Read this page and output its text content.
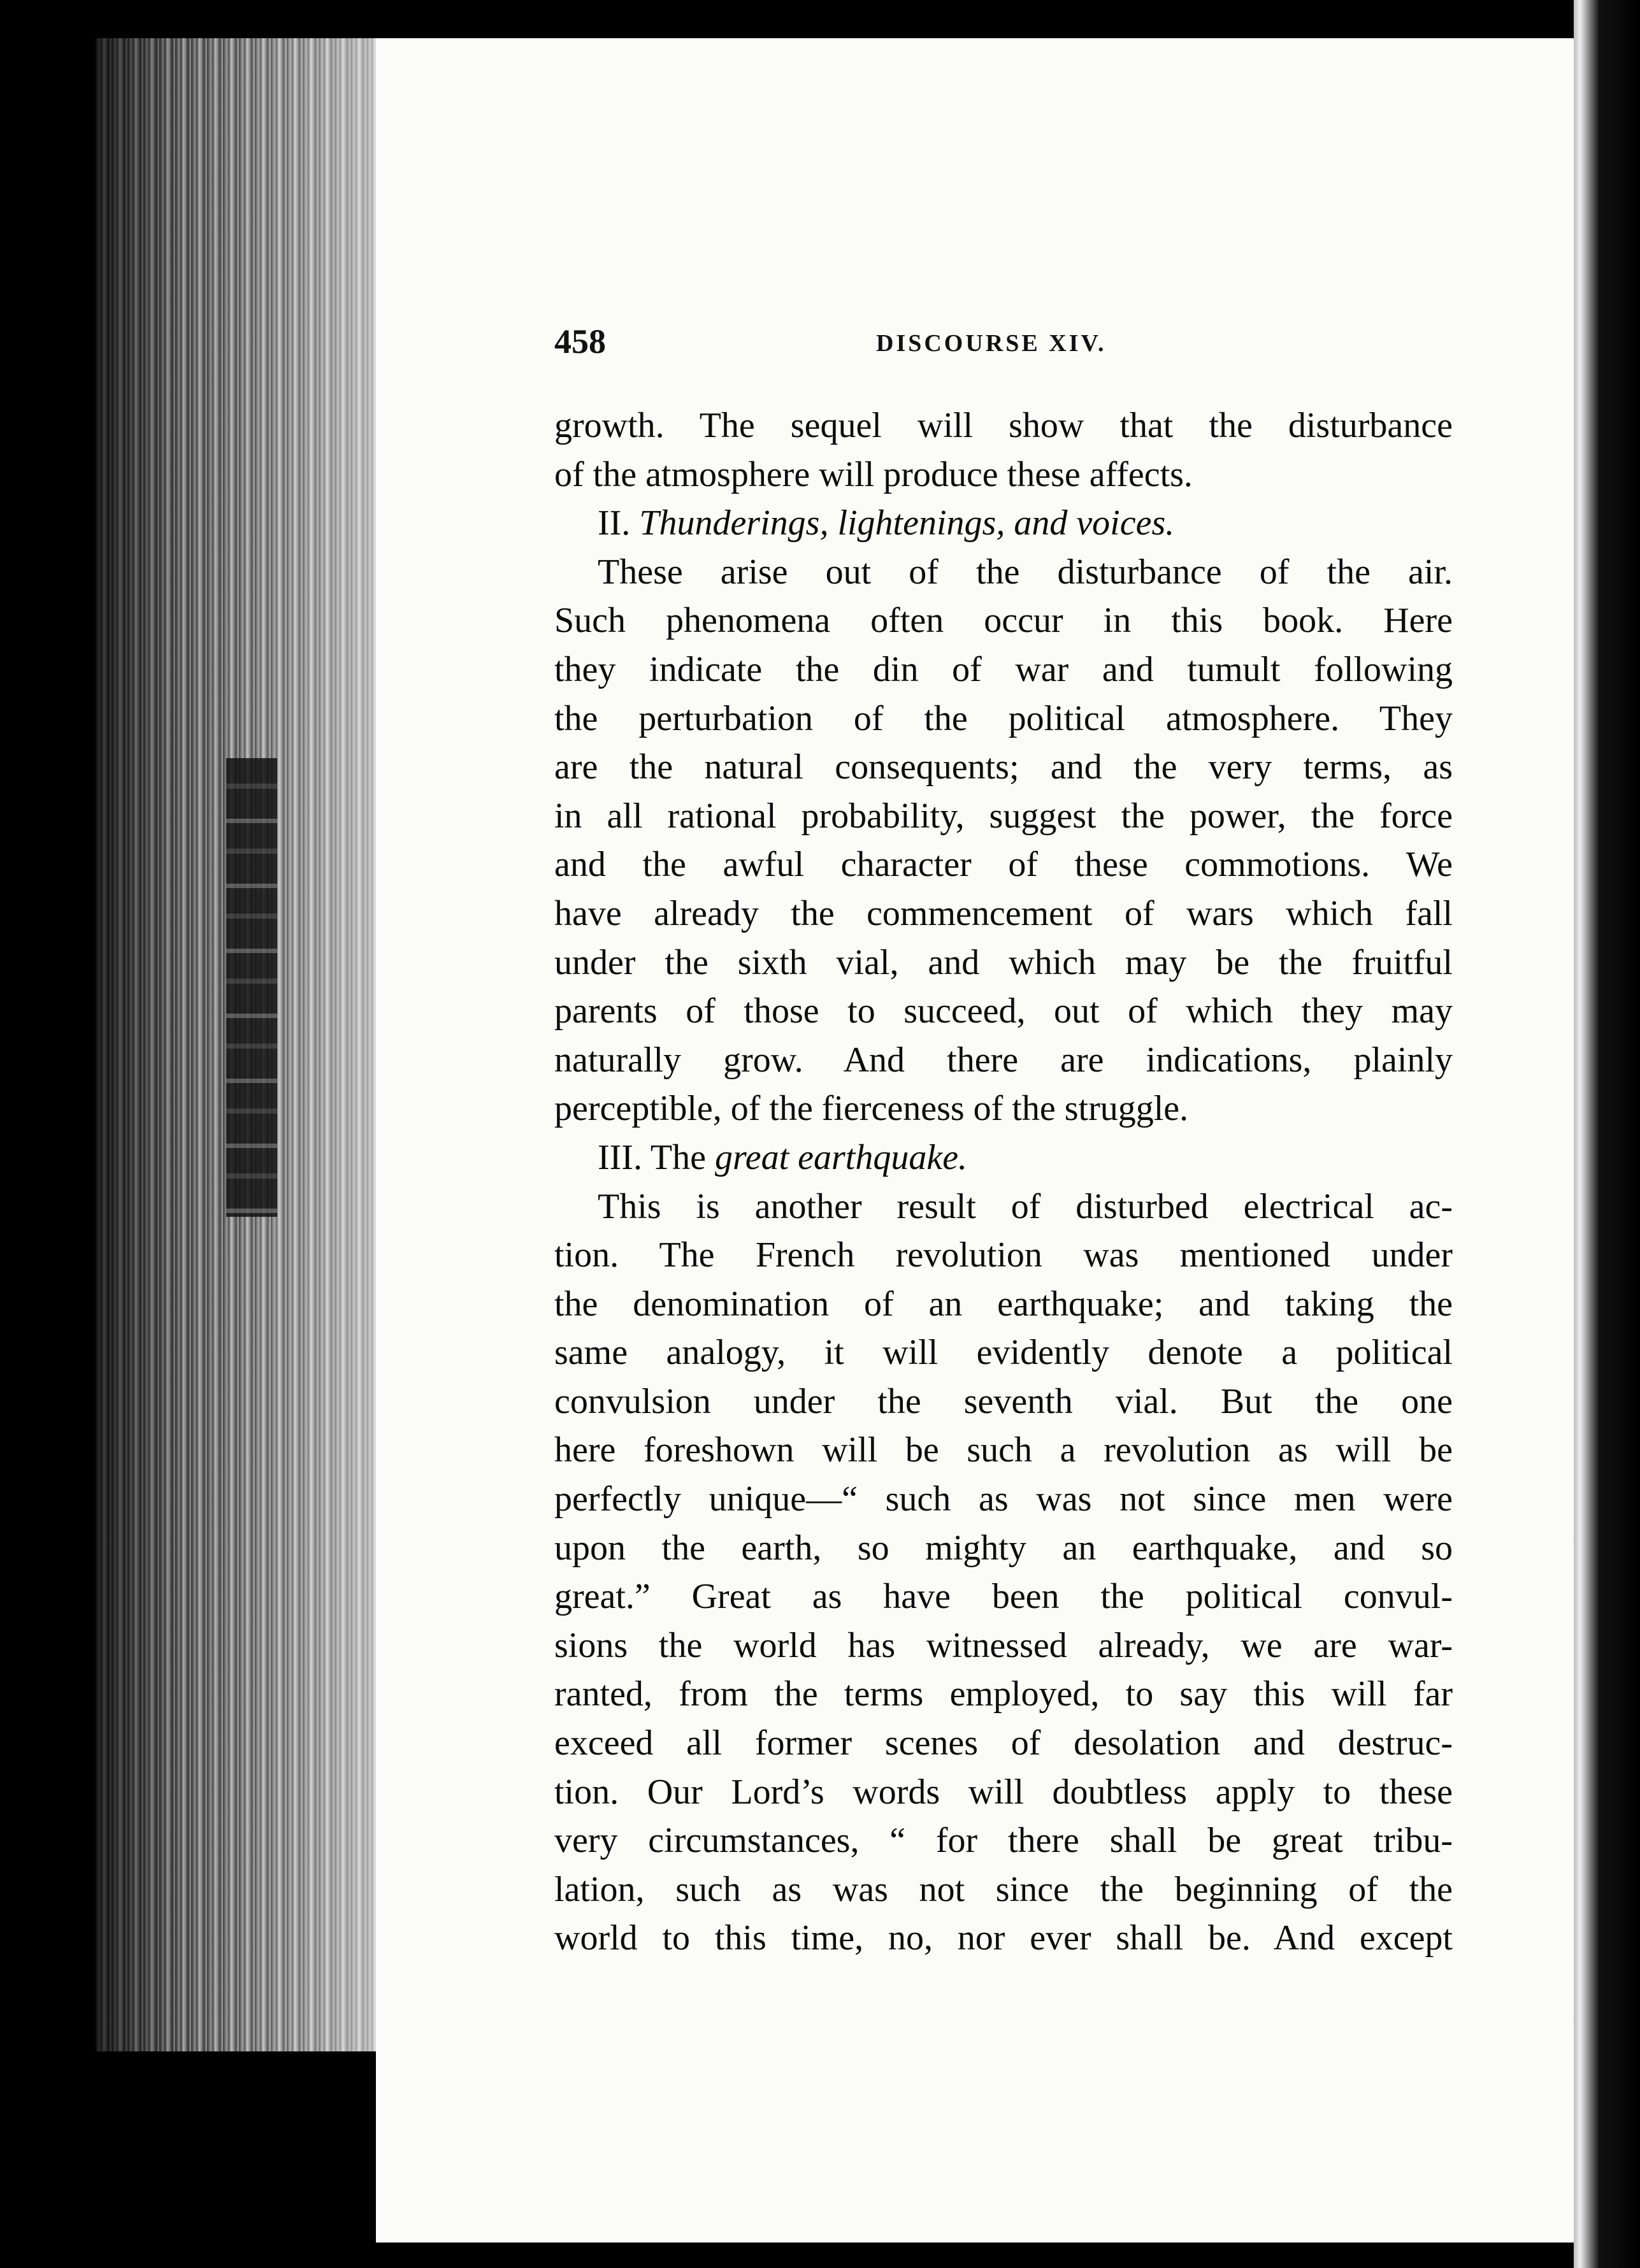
458	DISCOURSE XIV.
growth. The sequel will show that the disturbance
of the atmosphere will produce these affects.
II. Thunderings, lightenings, and voices.
These arise out of the disturbance of the air.
Such phenomena often occur in this book. Here
they indicate the din of war and tumult following
the perturbation of the political atmosphere. They
are the natural consequents; and the very terms, as
in all rational probability, suggest the power, the force
and the awful character of these commotions. We
have already the commencement of wars which fall
under the sixth vial, and which may be the fruitful
parents of those to succeed, out of which they may
naturally grow. And there are indications, plainly
perceptible, of the fierceness of the struggle.
III. The great earthquake.
This is another result of disturbed electrical ac-
tion. The French revolution was mentioned under
the denomination of an earthquake; and taking the
same analogy, it will evidently denote a political
convulsion under the seventh vial. But the one
here foreshown will be such a revolution as will be
perfectly unique—“ such as was not since men were
upon the earth, so mighty an earthquake, and so
great.” Great as have been the political convul-
sions the world has witnessed already, we are war-
ranted, from the terms employed, to say this will far
exceed all former scenes of desolation and destruc-
tion. Our Lord’s words will doubtless apply to these
very circumstances, “ for there shall be great tribu-
lation, such as was not since the beginning of the
world to this time, no, nor ever shall be. And except
